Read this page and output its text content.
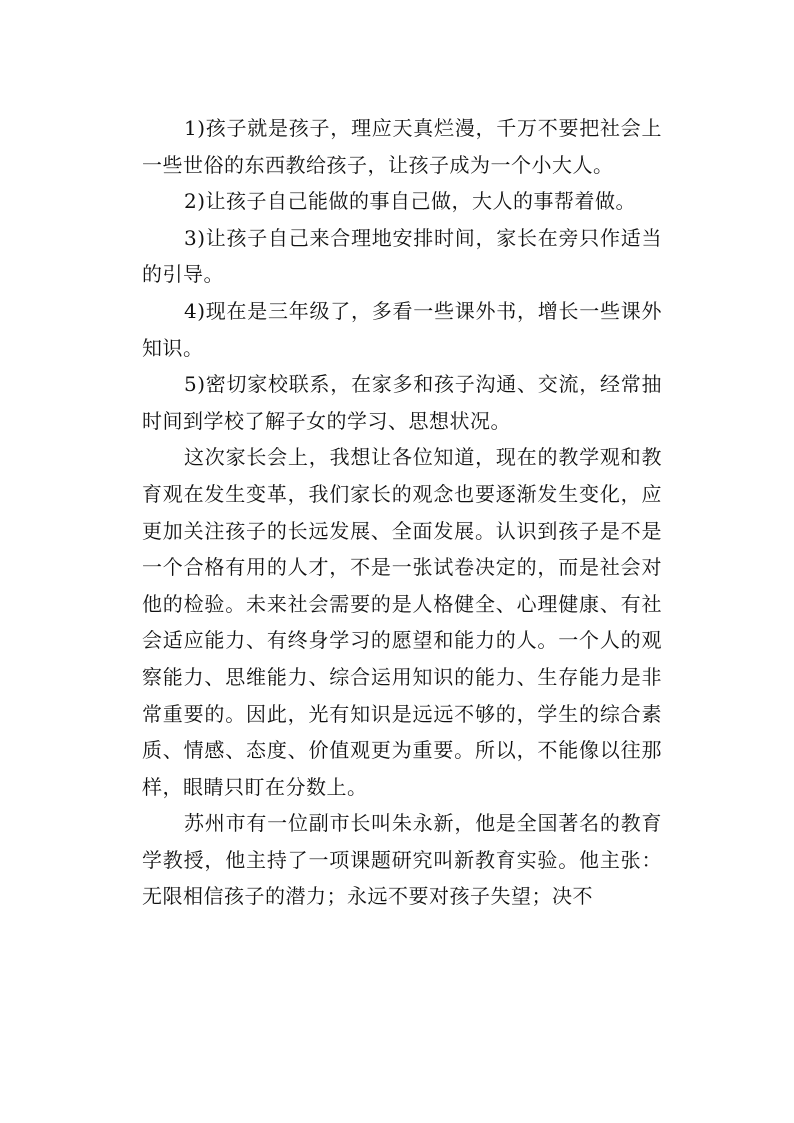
1)孩子就是孩子，理应天真烂漫，千万不要把社会上一些世俗的东西教给孩子，让孩子成为一个小大人。

2)让孩子自己能做的事自己做，大人的事帮着做。

3)让孩子自己来合理地安排时间，家长在旁只作适当的引导。

4)现在是三年级了，多看一些课外书，增长一些课外知识。

5)密切家校联系，在家多和孩子沟通、交流，经常抽时间到学校了解子女的学习、思想状况。

这次家长会上，我想让各位知道，现在的教学观和教育观在发生变革，我们家长的观念也要逐渐发生变化，应更加关注孩子的长远发展、全面发展。认识到孩子是不是一个合格有用的人才，不是一张试卷决定的，而是社会对他的检验。未来社会需要的是人格健全、心理健康、有社会适应能力、有终身学习的愿望和能力的人。一个人的观察能力、思维能力、综合运用知识的能力、生存能力是非常重要的。因此，光有知识是远远不够的，学生的综合素质、情感、态度、价值观更为重要。所以，不能像以往那样，眼睛只盯在分数上。

苏州市有一位副市长叫朱永新，他是全国著名的教育学教授，他主持了一项课题研究叫新教育实验。他主张：无限相信孩子的潜力；永远不要对孩子失望；决不
